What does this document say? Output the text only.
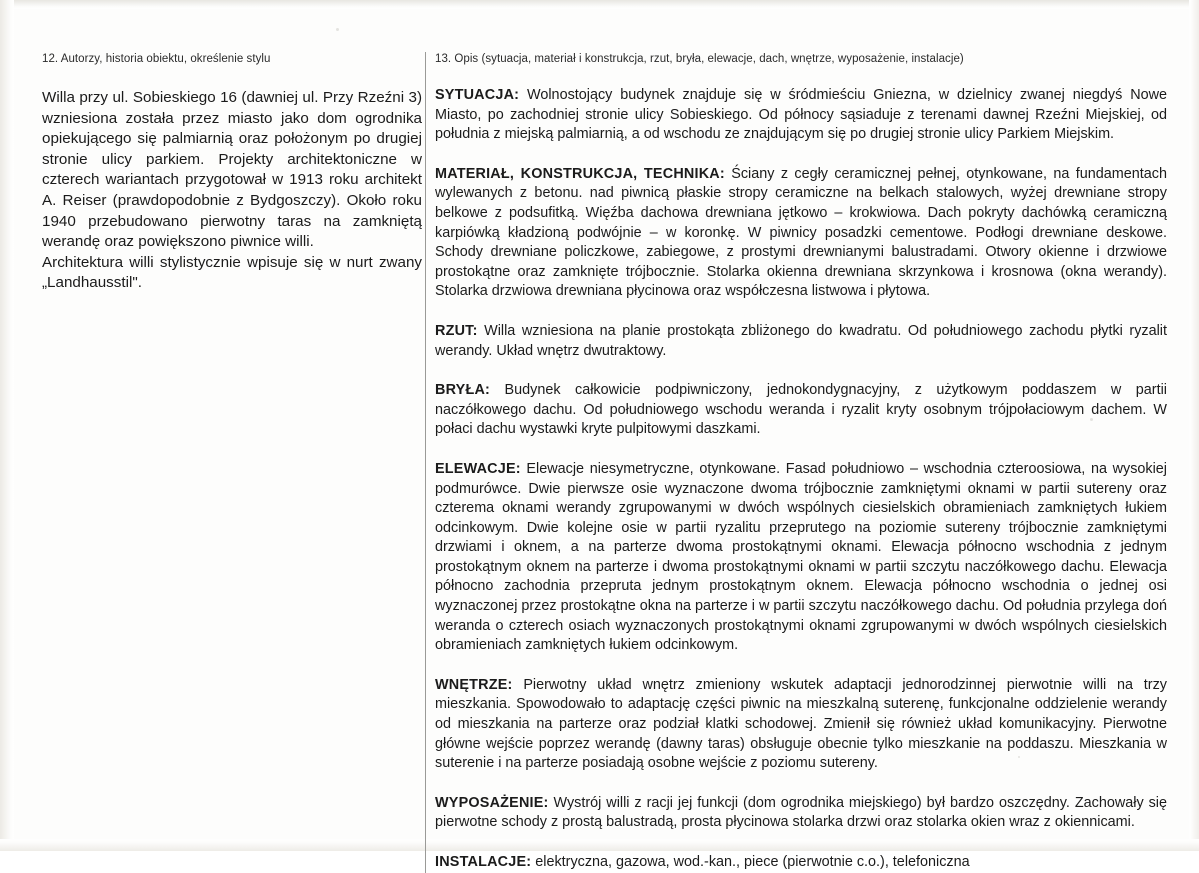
12. Autorzy, historia obiektu, określenie stylu

Willa przy ul. Sobieskiego 16 (dawniej ul. Przy Rzeźni 3) wzniesiona została przez miasto jako dom ogrodnika opiekującego się palmiarnią oraz położonym po drugiej stronie ulicy parkiem. Projekty architektoniczne w czterech wariantach przygotował w 1913 roku architekt A. Reiser (prawdopodobnie z Bydgoszczy). Około roku 1940 przebudowano pierwotny taras na zamkniętą werandę oraz powiększono piwnice willi.

Architektura willi stylistycznie wpisuje się w nurt zwany „Landhausstil".

13. Opis (sytuacja, materiał i konstrukcja, rzut, bryła, elewacje, dach, wnętrze, wyposażenie, instalacje)

SYTUACJA: Wolnostojący budynek znajduje się w śródmieściu Gniezna, w dzielnicy zwanej niegdyś Nowe Miasto, po zachodniej stronie ulicy Sobieskiego. Od północy sąsiaduje z terenami dawnej Rzeźni Miejskiej, od południa z miejską palmiarnią, a od wschodu ze znajdującym się po drugiej stronie ulicy Parkiem Miejskim.

MATERIAŁ, KONSTRUKCJA, TECHNIKA: Ściany z cegły ceramicznej pełnej, otynkowane, na fundamentach wylewanych z betonu. nad piwnicą płaskie stropy ceramiczne na belkach stalowych, wyżej drewniane stropy belkowe z podsufitką. Więźba dachowa drewniana jętkowo – krokwiowa. Dach pokryty dachówką ceramiczną karpiówką kładzioną podwójnie – w koronkę. W piwnicy posadzki cementowe. Podłogi drewniane deskowe. Schody drewniane policzkowe, zabiegowe, z prostymi drewnianymi balustradami. Otwory okienne i drzwiowe prostokątne oraz zamknięte trójbocznie. Stolarka okienna drewniana skrzynkowa i krosnowa (okna werandy). Stolarka drzwiowa drewniana płycinowa oraz współczesna listwowa i płytowa.

RZUT: Willa wzniesiona na planie prostokąta zbliżonego do kwadratu. Od południowego zachodu płytki ryzalit werandy. Układ wnętrz dwutraktowy.

BRYŁA: Budynek całkowicie podpiwniczony, jednokondygnacyjny, z użytkowym poddaszem w partii naczółkowego dachu. Od południowego wschodu weranda i ryzalit kryty osobnym trójpołaciowym dachem. W połaci dachu wystawki kryte pulpitowymi daszkami.

ELEWACJE: Elewacje niesymetryczne, otynkowane. Fasad południowo – wschodnia czteroosiowa, na wysokiej podmurówce. Dwie pierwsze osie wyznaczone dwoma trójbocznie zamkniętymi oknami w partii sutereny oraz czterema oknami werandy zgrupowanymi w dwóch wspólnych ciesielskich obramieniach zamkniętych łukiem odcinkowym. Dwie kolejne osie w partii ryzalitu przeprutego na poziomie sutereny trójbocznie zamkniętymi drzwiami i oknem, a na parterze dwoma prostokątnymi oknami. Elewacja północno wschodnia z jednym prostokątnym oknem na parterze i dwoma prostokątnymi oknami w partii szczytu naczółkowego dachu. Elewacja północno zachodnia przepruta jednym prostokątnym oknem. Elewacja północno wschodnia o jednej osi wyznaczonej przez prostokątne okna na parterze i w partii szczytu naczółkowego dachu. Od południa przylega doń weranda o czterech osiach wyznaczonych prostokątnymi oknami zgrupowanymi w dwóch wspólnych ciesielskich obramieniach zamkniętych łukiem odcinkowym.

WNĘTRZE: Pierwotny układ wnętrz zmieniony wskutek adaptacji jednorodzinnej pierwotnie willi na trzy mieszkania. Spowodowało to adaptację części piwnic na mieszkalną suterenę, funkcjonalne oddzielenie werandy od mieszkania na parterze oraz podział klatki schodowej. Zmienił się również układ komunikacyjny. Pierwotne główne wejście poprzez werandę (dawny taras) obsługuje obecnie tylko mieszkanie na poddaszu. Mieszkania w suterenie i na parterze posiadają osobne wejście z poziomu sutereny.

WYPOSAŻENIE: Wystrój willi z racji jej funkcji (dom ogrodnika miejskiego) był bardzo oszczędny. Zachowały się pierwotne schody z prostą balustradą, prosta płycinowa stolarka drzwi oraz stolarka okien wraz z okiennicami.

INSTALACJE: elektryczna, gazowa, wod.-kan., piece (pierwotnie c.o.), telefoniczna
